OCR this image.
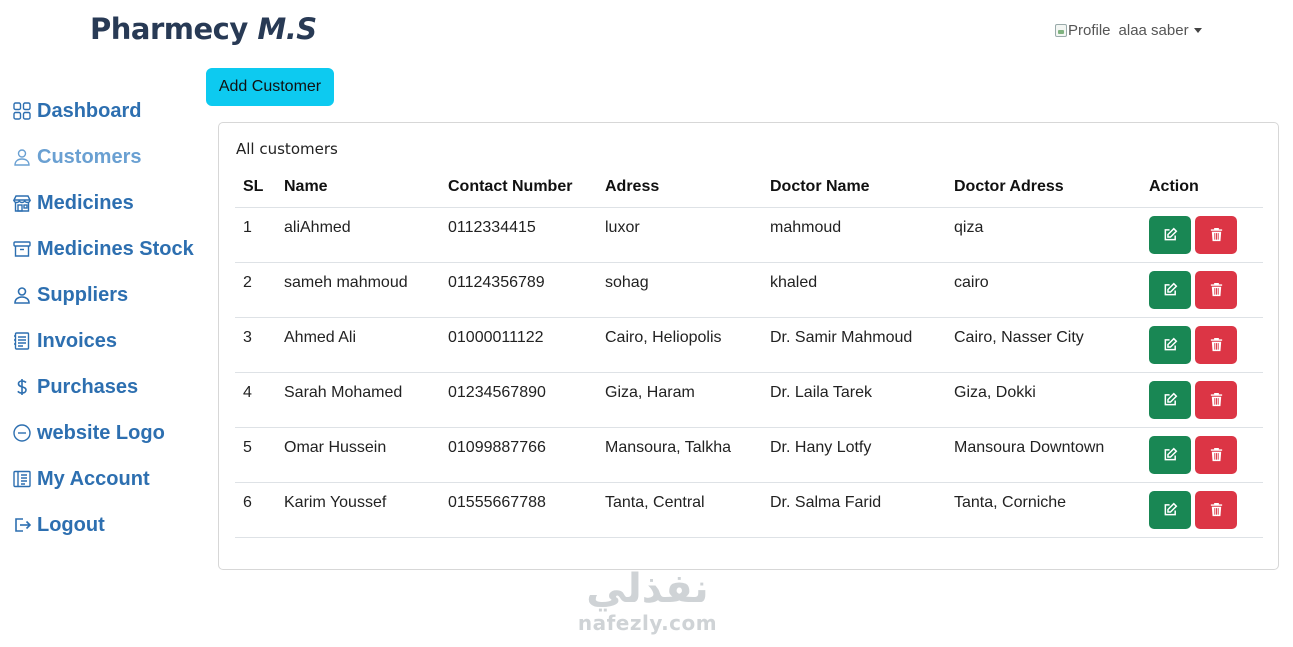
Pharmecy M.S	Profile alaa saber
Dashboard
Customers
Medicines
Medicines Stock
Suppliers
Invoices
Purchases
website Logo
My Account
Logout
Add Customer
All customers
SL	Name	Contact Number	Adress	Doctor Name	Doctor Adress	Action
1	aliAhmed	0112334415	luxor	mahmoud	qiza	

2	sameh mahmoud	01124356789	sohag	khaled	cairo	

3	Ahmed Ali	01000011122	Cairo, Heliopolis	Dr. Samir Mahmoud	Cairo, Nasser City	

4	Sarah Mohamed	01234567890	Giza, Haram	Dr. Laila Tarek	Giza, Dokki	

5	Omar Hussein	01099887766	Mansoura, Talkha	Dr. Hany Lotfy	Mansoura Downtown	

6	Karim Youssef	01555667788	Tanta, Central	Dr. Salma Farid	Tanta, Corniche	
نفذلي
nafezly.com
